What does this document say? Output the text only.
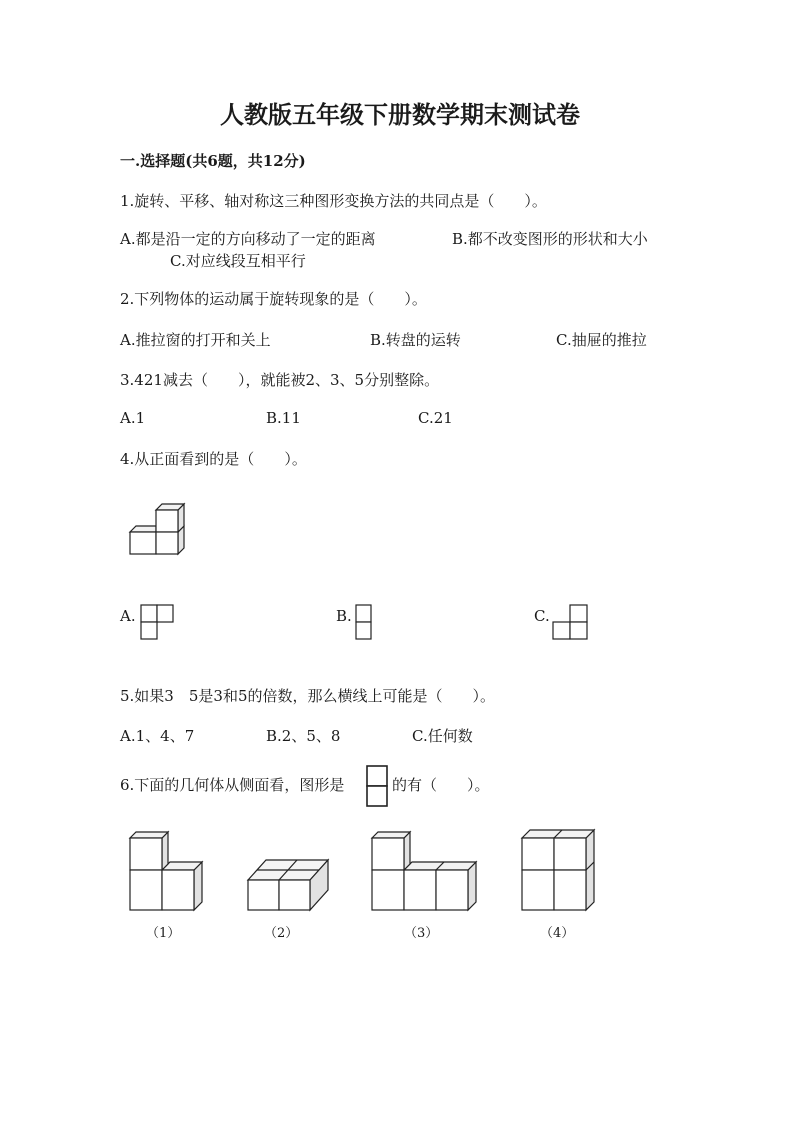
人教版五年级下册数学期末测试卷
一.选择题(共6题，共12分)
1.旋转、平移、轴对称这三种图形变换方法的共同点是（　　）。
A.都是沿一定的方向移动了一定的距离	B.都不改变图形的形状和大小
C.对应线段互相平行
2.下列物体的运动属于旋转现象的是（　　）。
A.推拉窗的打开和关上	B.转盘的运转	C.抽屉的推拉
3.421减去（　　），就能被2、3、5分别整除。
A.1	B.11	C.21
4.从正面看到的是（　　）。
A.	B.	C.
5.如果3　5是3和5的倍数，那么横线上可能是（　　）。
A.1、4、7	B.2、5、8	C.任何数
6.下面的几何体从侧面看，图形是	的有（　　）。
（1）	（2）	（3）	（4）
